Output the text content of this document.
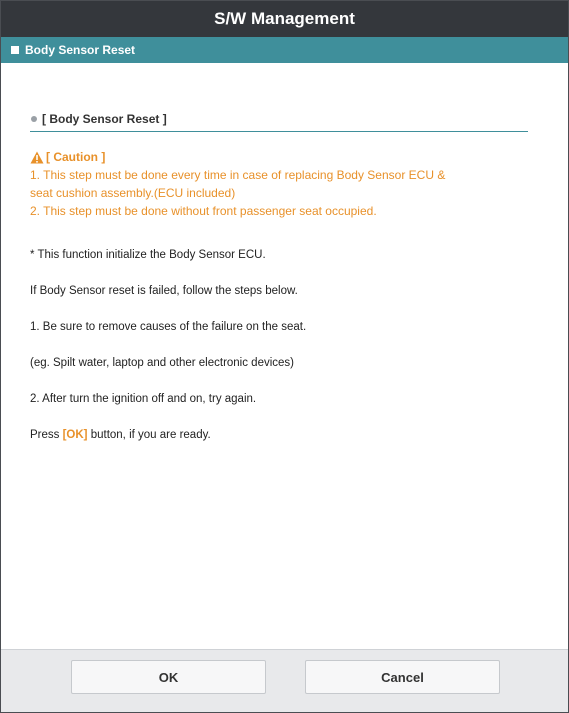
S/W Management
Body Sensor Reset
[ Body Sensor Reset ]
[ Caution ]
1. This step must be done every time in case of replacing Body Sensor ECU &
seat cushion assembly.(ECU included)
2. This step must be done without front passenger seat occupied.
* This function initialize the Body Sensor ECU.
If Body Sensor reset is failed, follow the steps below.
1. Be sure to remove causes of the failure on the seat.
(eg. Spilt water, laptop and other electronic devices)
2. After turn the ignition off and on, try again.
Press [OK] button, if you are ready.
OK	Cancel
